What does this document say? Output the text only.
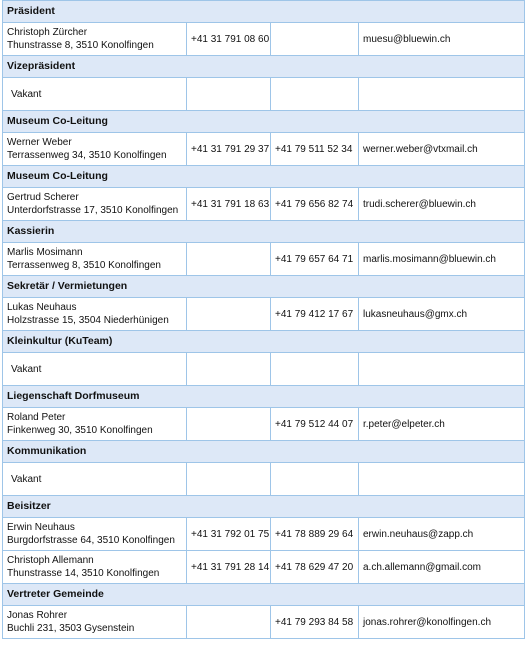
Präsident			

Christoph Zürcher
Thunstrasse 8, 3510 Konolfingen	+41 31 791 08 60		muesu@bluewin.ch
Vizepräsident			

Vakant			

Museum Co-Leitung			

Werner Weber
Terrassenweg 34, 3510 Konolfingen	+41 31 791 29 37	+41 79 511 52 34	werner.weber@vtxmail.ch
Museum Co-Leitung			

Gertrud Scherer
Unterdorfstrasse 17, 3510 Konolfingen	+41 31 791 18 63	+41 79 656 82 74	trudi.scherer@bluewin.ch
Kassierin			

Marlis Mosimann
Terrassenweg 8, 3510 Konolfingen		+41 79 657 64 71	marlis.mosimann@bluewin.ch
Sekretär / Vermietungen			

Lukas Neuhaus
Holzstrasse 15, 3504 Niederhünigen		+41 79 412 17 67	lukasneuhaus@gmx.ch
Kleinkultur (KuTeam)			

Vakant			

Liegenschaft Dorfmuseum			

Roland Peter
Finkenweg 30, 3510 Konolfingen		+41 79 512 44 07	r.peter@elpeter.ch
Kommunikation			

Vakant			

Beisitzer			

Erwin Neuhaus
Burgdorfstrasse 64, 3510 Konolfingen	+41 31 792 01 75	+41 78 889 29 64	erwin.neuhaus@zapp.ch

Christoph Allemann
Thunstrasse 14, 3510 Konolfingen	+41 31 791 28 14	+41 78 629 47 20	a.ch.allemann@gmail.com
Vertreter Gemeinde			

Jonas Rohrer
Buchli 231, 3503 Gysenstein		+41 79 293 84 58	jonas.rohrer@konolfingen.ch
